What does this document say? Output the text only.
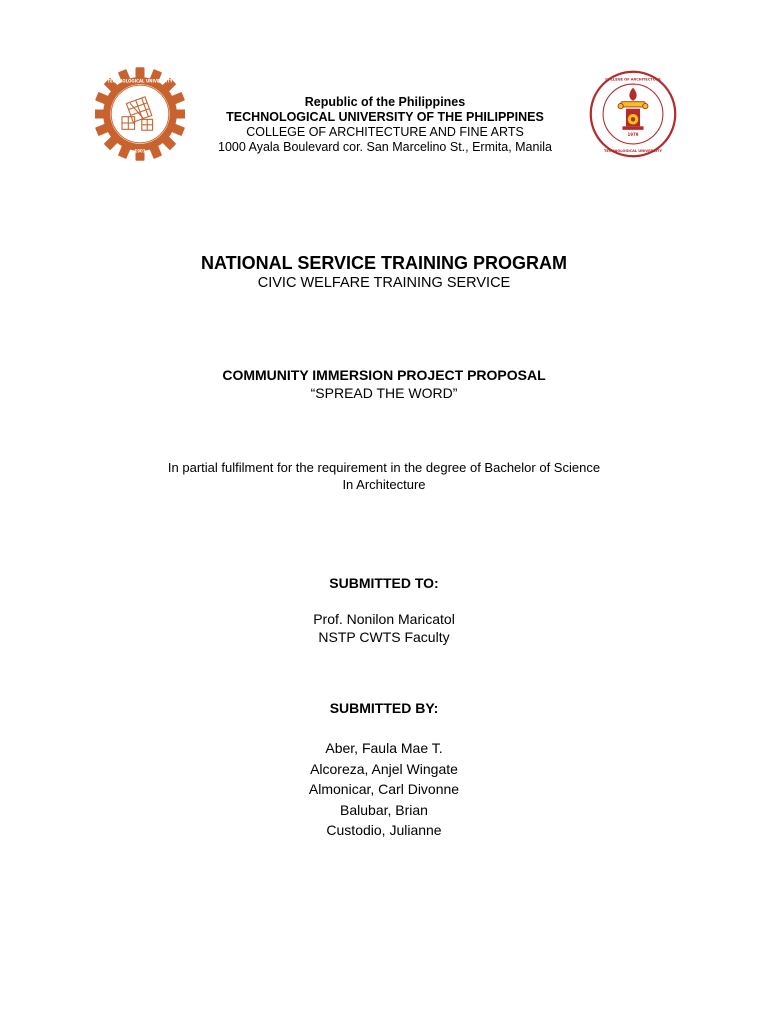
TECHNOLOGICAL UNIVERSITY
1901
Republic of the Philippines
TECHNOLOGICAL UNIVERSITY OF THE PHILIPPINES
COLLEGE OF ARCHITECTURE AND FINE ARTS
1000 Ayala Boulevard cor. San Marcelino St., Ermita, Manila
COLLEGE OF ARCHITECTURE
TECHNOLOGICAL UNIVERSITY
1979
NATIONAL SERVICE TRAINING PROGRAM
CIVIC WELFARE TRAINING SERVICE
COMMUNITY IMMERSION PROJECT PROPOSAL
“SPREAD THE WORD”
In partial fulfilment for the requirement in the degree of Bachelor of Science
In Architecture
SUBMITTED TO:
Prof. Nonilon Maricatol
NSTP CWTS Faculty
SUBMITTED BY:
Aber, Faula Mae T.
Alcoreza, Anjel Wingate
Almonicar, Carl Divonne
Balubar, Brian
Custodio, Julianne
